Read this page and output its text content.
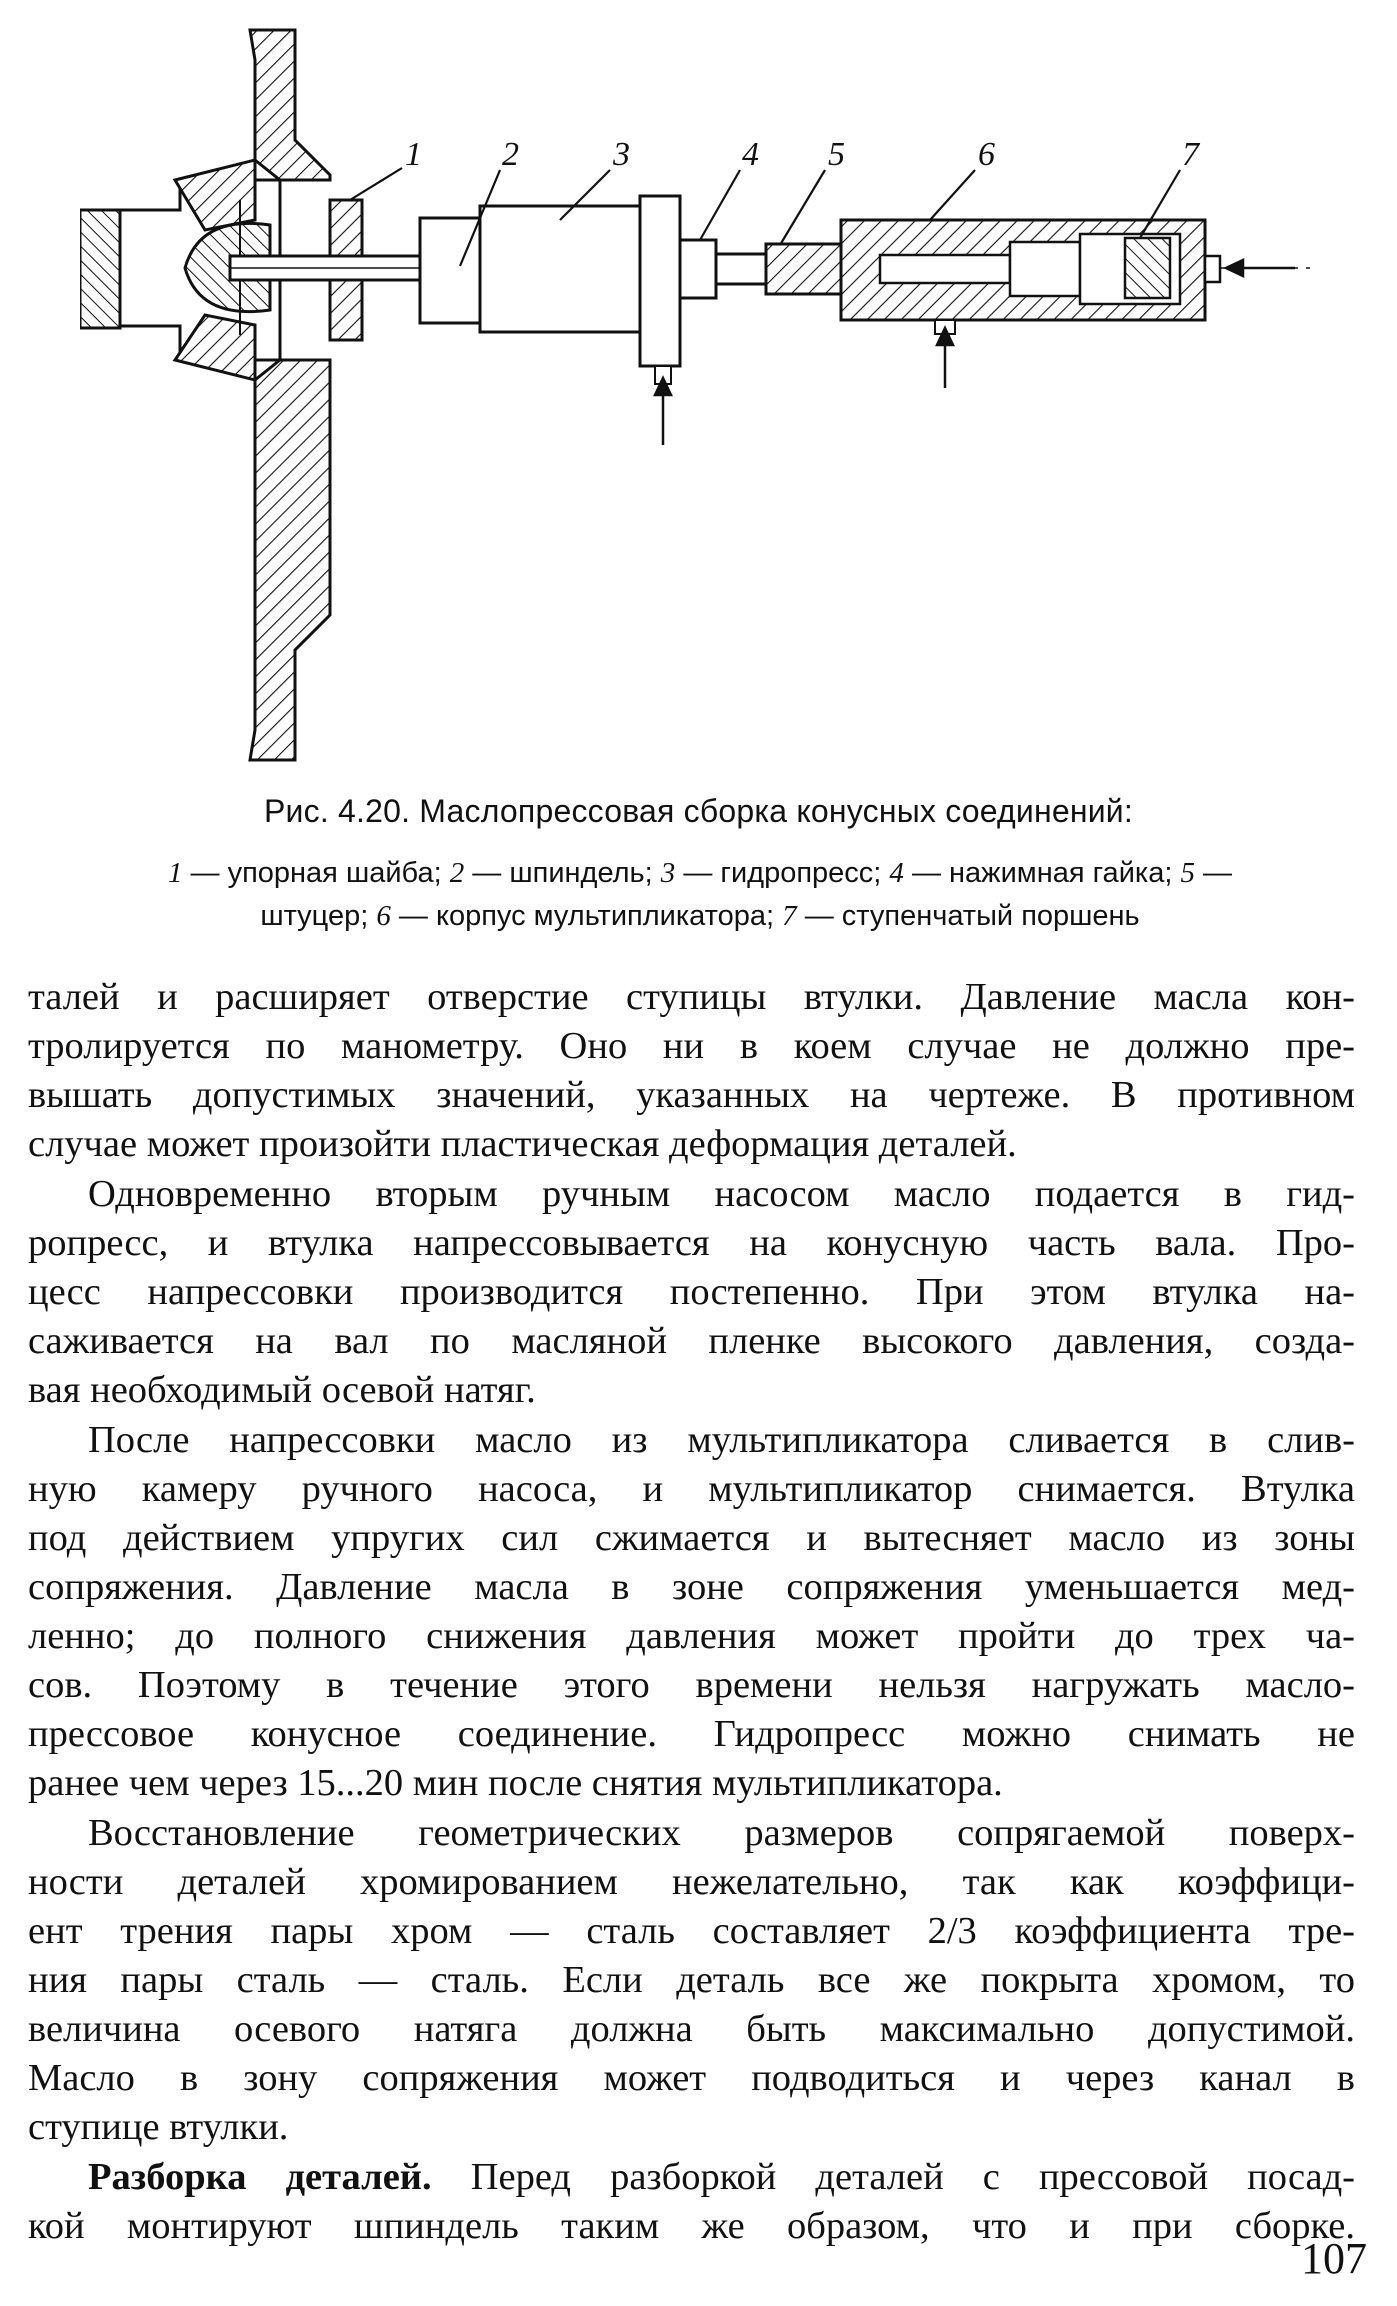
1 2	3	4 5	6	7
Рис. 4.20. Маслопрессовая сборка конусных соединений:
1 — упорная шайба; 2 — шпиндель; 3 — гидропресс; 4 — нажимная гайка; 5 —
штуцер; 6 — корпус мультипликатора; 7 — ступенчатый поршень
талей и расширяет отверстие ступицы втулки. Давление масла кон-
тролируется по манометру. Оно ни в коем случае не должно пре-
вышать допустимых значений, указанных на чертеже. В противном
случае может произойти пластическая деформация деталей.
Одновременно вторым ручным насосом масло подается в гид-
ропресс, и втулка напрессовывается на конусную часть вала. Про-
цесс напрессовки производится постепенно. При этом втулка на-
саживается на вал по масляной пленке высокого давления, созда-
вая необходимый осевой натяг.
После напрессовки масло из мультипликатора сливается в слив-
ную камеру ручного насоса, и мультипликатор снимается. Втулка
под действием упругих сил сжимается и вытесняет масло из зоны
сопряжения. Давление масла в зоне сопряжения уменьшается мед-
ленно; до полного снижения давления может пройти до трех ча-
сов. Поэтому в течение этого времени нельзя нагружать масло-
прессовое конусное соединение. Гидропресс можно снимать не
ранее чем через 15...20 мин после снятия мультипликатора.
Восстановление геометрических размеров сопрягаемой поверх-
ности деталей хромированием нежелательно, так как коэффици-
ент трения пары хром — сталь составляет 2/3 коэффициента тре-
ния пары сталь — сталь. Если деталь все же покрыта хромом, то
величина осевого натяга должна быть максимально допустимой.
Масло в зону сопряжения может подводиться и через канал в
ступице втулки.
Разборка деталей. Перед разборкой деталей с прессовой посад-
кой монтируют шпиндель таким же образом, что и при сборке.
107
